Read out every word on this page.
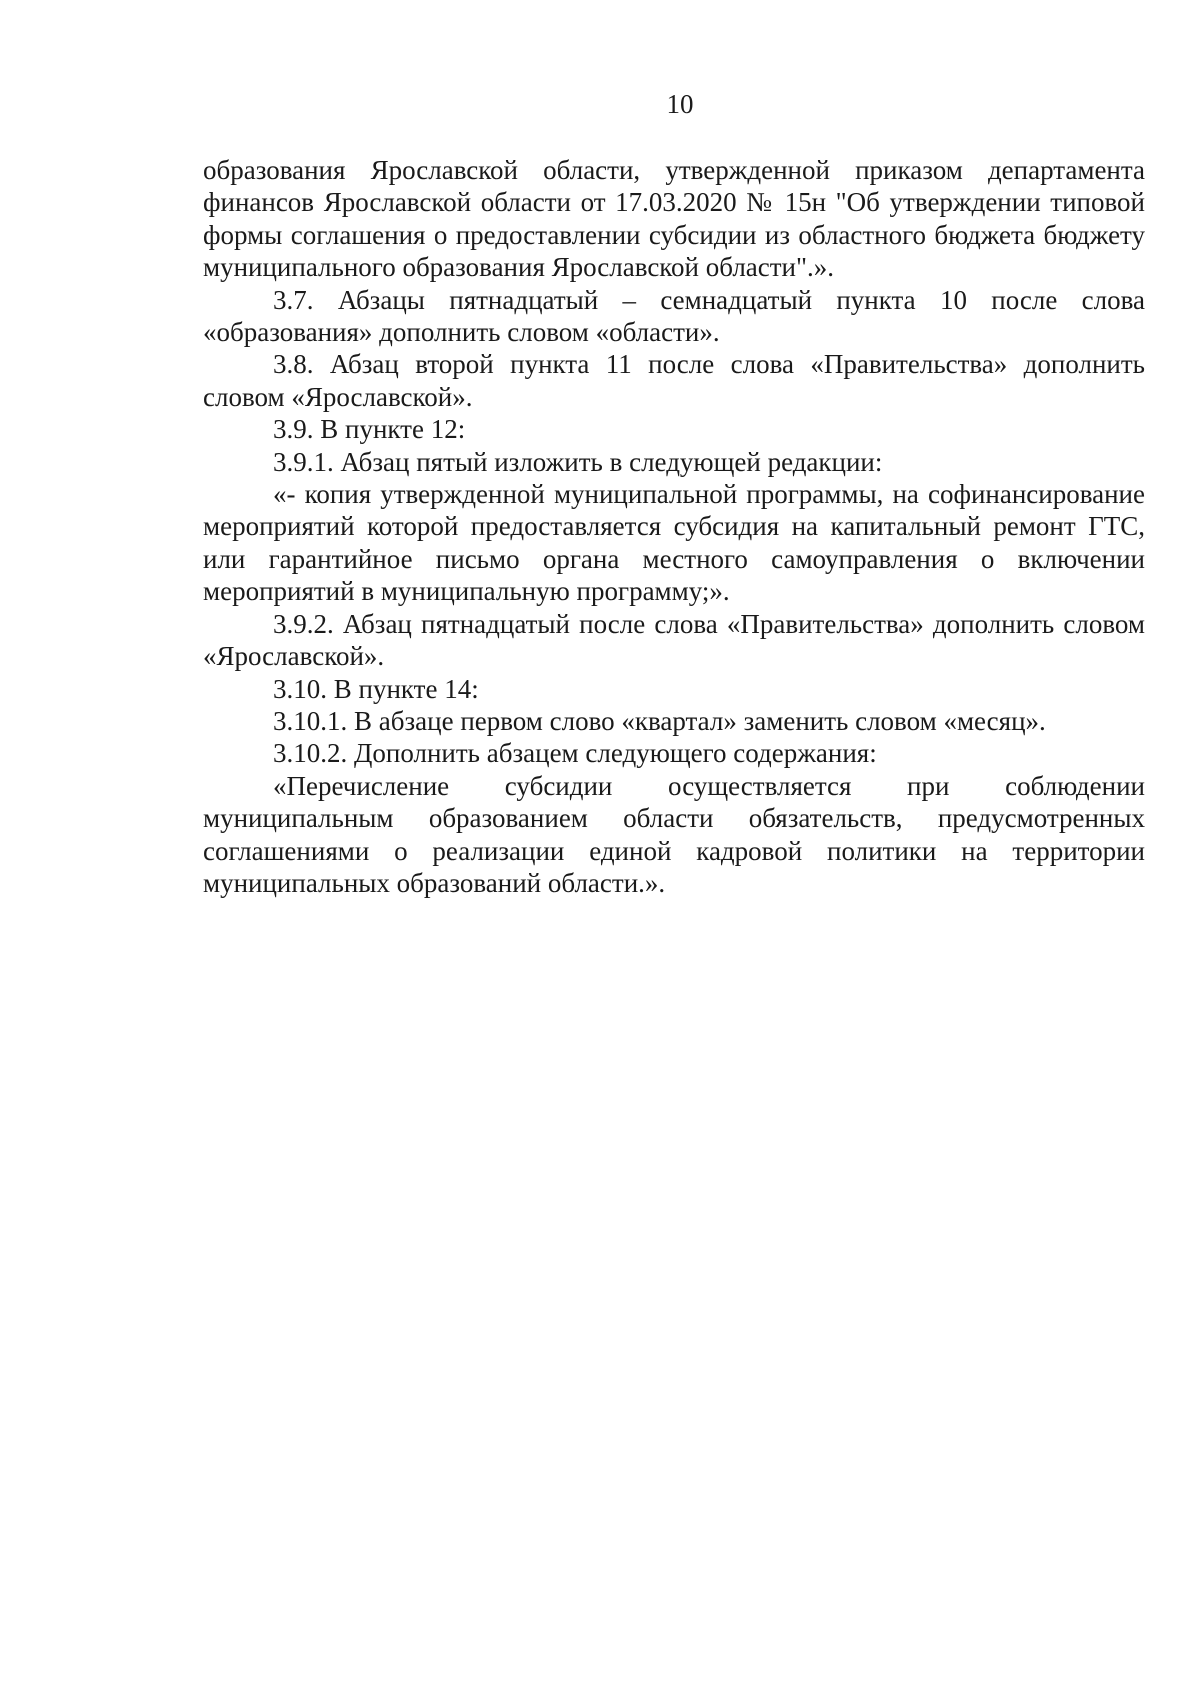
10

образования Ярославской области, утвержденной приказом департамента финансов Ярославской области от 17.03.2020 № 15н "Об утверждении типовой формы соглашения о предоставлении субсидии из областного бюджета бюджету муниципального образования Ярославской области".».

3.7. Абзацы пятнадцатый – семнадцатый пункта 10 после слова «образования» дополнить словом «области».

3.8. Абзац второй пункта 11 после слова «Правительства» дополнить словом «Ярославской».

3.9. В пункте 12:

3.9.1. Абзац пятый изложить в следующей редакции:

«- копия утвержденной муниципальной программы, на софинансирование мероприятий которой предоставляется субсидия на капитальный ремонт ГТС, или гарантийное письмо органа местного самоуправления о включении мероприятий в муниципальную программу;».

3.9.2. Абзац пятнадцатый после слова «Правительства» дополнить словом «Ярославской».

3.10. В пункте 14:

3.10.1. В абзаце первом слово «квартал» заменить словом «месяц».

3.10.2. Дополнить абзацем следующего содержания:

«Перечисление субсидии осуществляется при соблюдении муниципальным образованием области обязательств, предусмотренных соглашениями о реализации единой кадровой политики на территории муниципальных образований области.».
